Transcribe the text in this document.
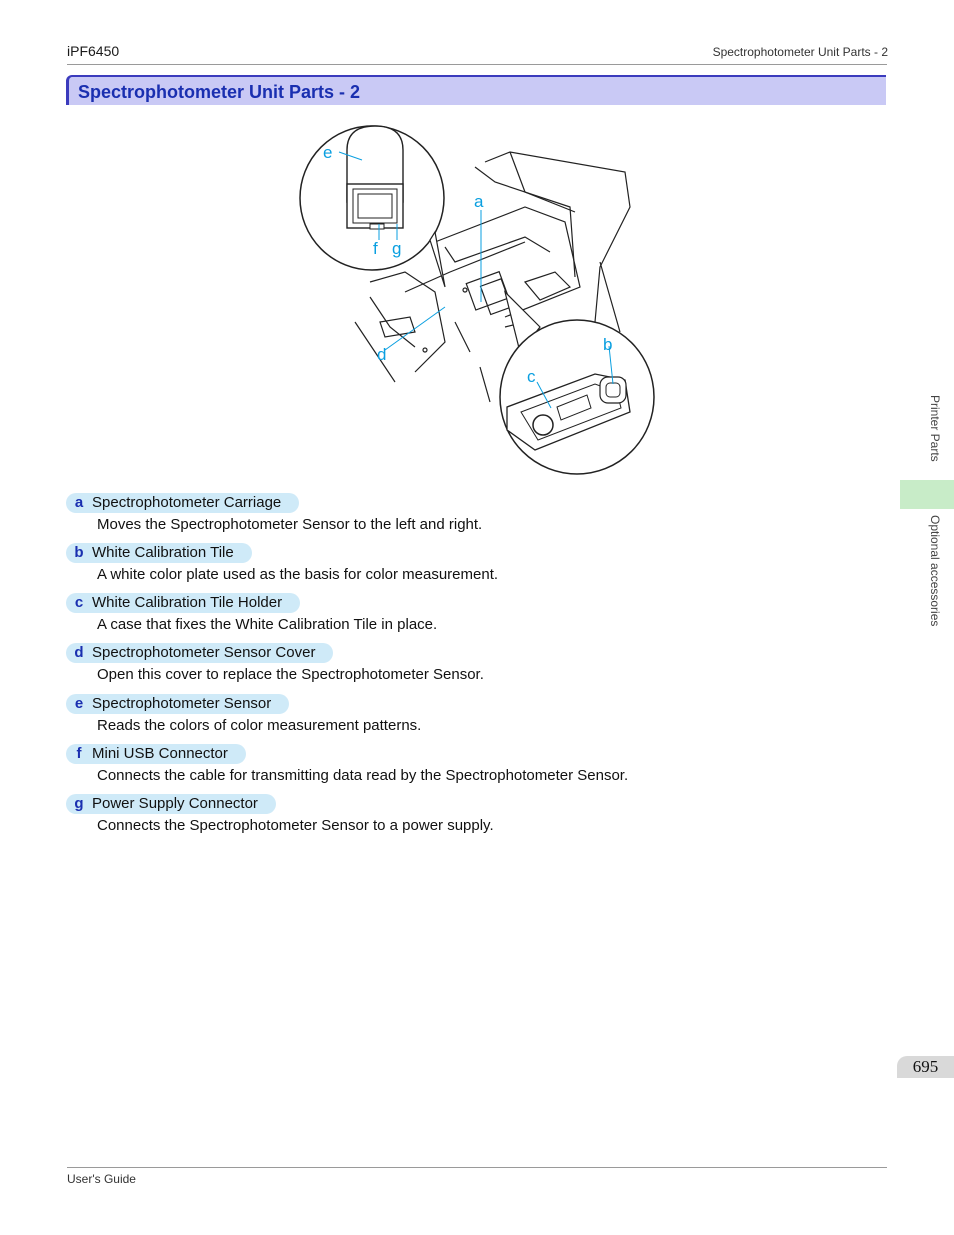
iPF6450	Spectrophotometer Unit Parts - 2
Spectrophotometer Unit Parts - 2
e
f g
a
d
c
b
a Spectrophotometer Carriage
Moves the Spectrophotometer Sensor to the left and right.
b White Calibration Tile
A white color plate used as the basis for color measurement.
c White Calibration Tile Holder
A case that fixes the White Calibration Tile in place.
d Spectrophotometer Sensor Cover
Open this cover to replace the Spectrophotometer Sensor.
e Spectrophotometer Sensor
Reads the colors of color measurement patterns.
f Mini USB Connector
Connects the cable for transmitting data read by the Spectrophotometer Sensor.
g Power Supply Connector
Connects the Spectrophotometer Sensor to a power supply.
Printer Parts
Optional accessories
695
User's Guide
